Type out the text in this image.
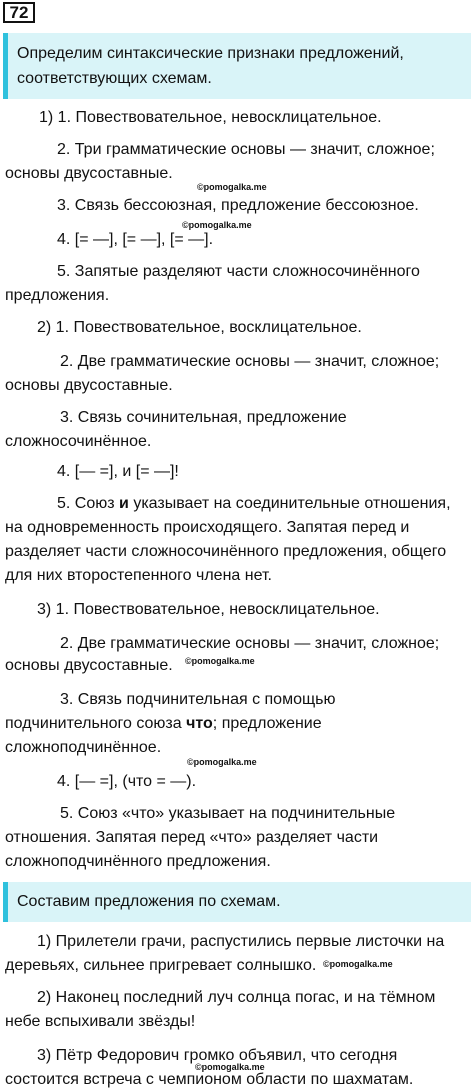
72
Определим синтаксические признаки предложений, соответствующих схемам.
1) 1. Повествовательное, невосклицательное.
2. Три грамматические основы — значит, сложное;
основы двусоставные.
©pomogalka.me
3. Связь бессоюзная, предложение бессоюзное.
©pomogalka.me
4. [= —], [= —], [= —].
5. Запятые разделяют части сложносочинённого
предложения.
2) 1. Повествовательное, восклицательное.
2. Две грамматические основы — значит, сложное;
основы двусоставные.
3. Связь сочинительная, предложение
сложносочинённое.
4. [— =], и [= —]!
5. Союз и указывает на соединительные отношения,
на одновременность происходящего. Запятая перед и
разделяет части сложносочинённого предложения, общего
для них второстепенного члена нет.
3) 1. Повествовательное, невосклицательное.
2. Две грамматические основы — значит, сложное;
основы двусоставные. ©pomogalka.me
3. Связь подчинительная с помощью
подчинительного союза что; предложение
сложноподчинённое.
©pomogalka.me
4. [— =], (что = —).
5. Союз «что» указывает на подчинительные
отношения. Запятая перед «что» разделяет части
сложноподчинённого предложения.
Составим предложения по схемам.
1) Прилетели грачи, распустились первые листочки на
деревьях, сильнее пригревает солнышко. ©pomogalka.me
2) Наконец последний луч солнца погас, и на тёмном
небе вспыхивали звёзды!
3) Пётр Федорович громко объявил, что сегодня
©pomogalka.me
состоится встреча с чемпионом области по шахматам.
